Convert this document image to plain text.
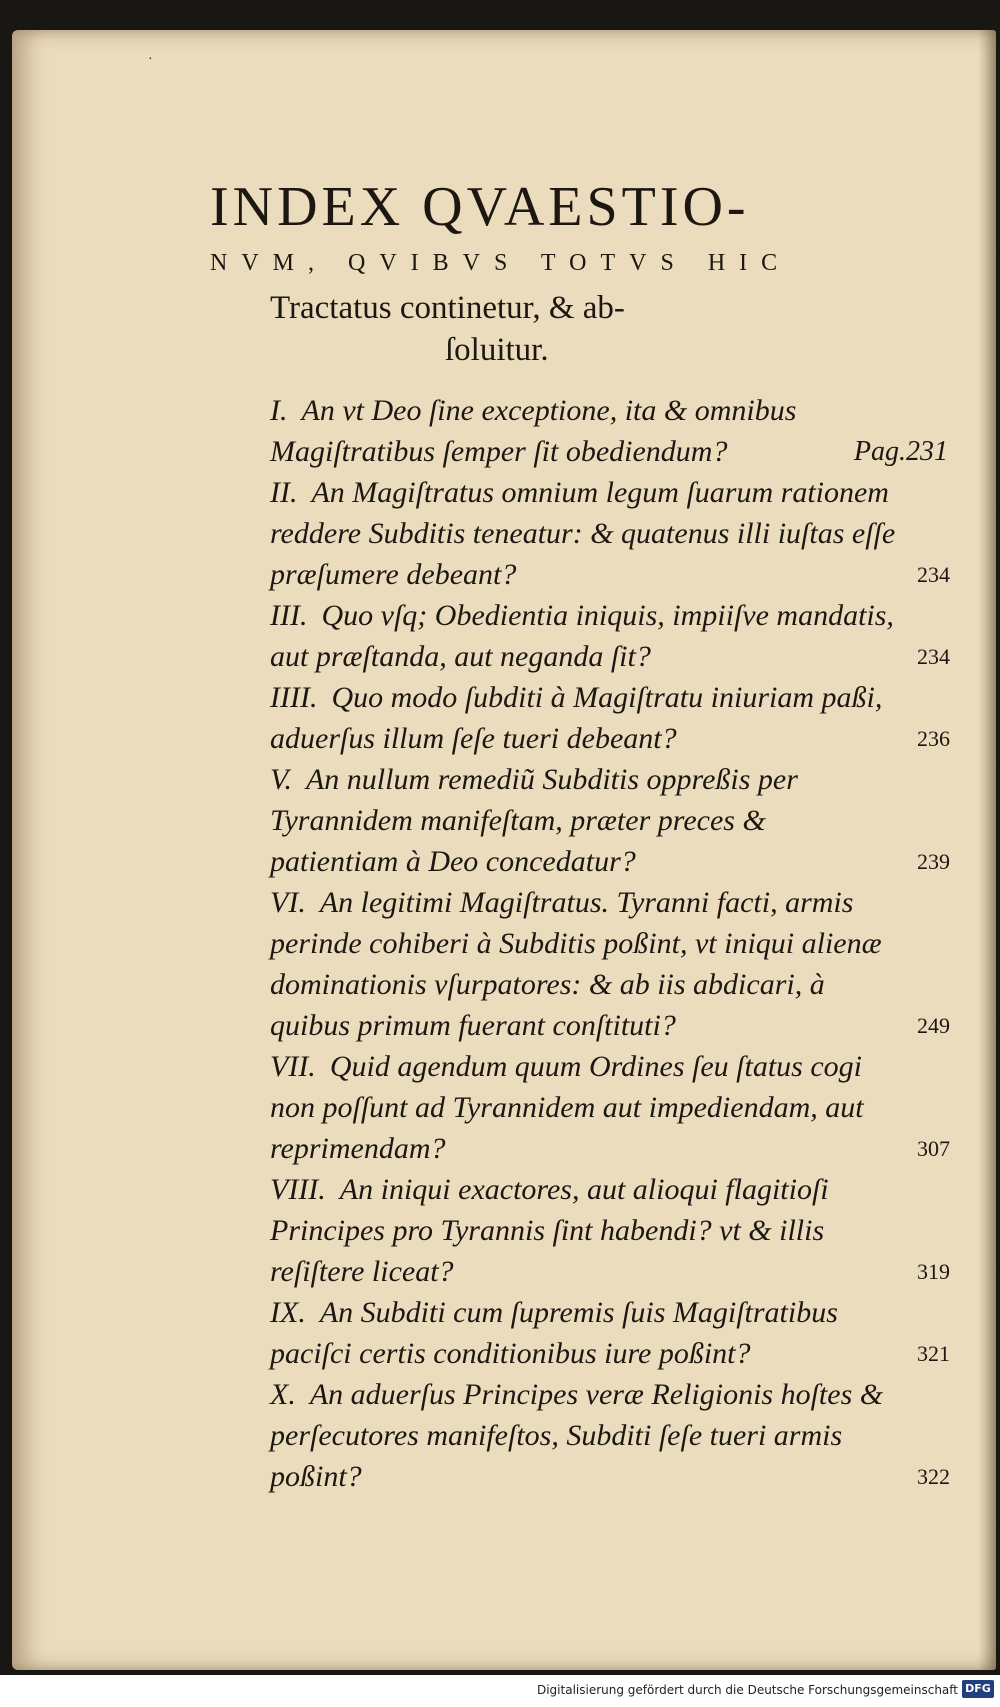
·
INDEX QVAESTIO-
NVM, QVIBVS TOTVS HIC
Tractatus continetur, & ab-
ſoluitur.
I. An vt Deo ſine exceptione, ita & omnibus Magiſtratibus ſemper ſit obediendum?	Pag.231
II. An Magiſtratus omnium legum ſuarum rationem reddere Subditis teneatur: & quatenus illi iuſtas eſſe præſumere debeant?	234
III. Quo vſq; Obedientia iniquis, impiiſve mandatis, aut præſtanda, aut neganda ſit?	234
IIII. Quo modo ſubditi à Magiſtratu iniuriam paßi, aduerſus illum ſeſe tueri debeant?	236
V. An nullum remediũ Subditis oppreßis per Tyrannidem manifeſtam, præter preces & patientiam à Deo concedatur?	239
VI. An legitimi Magiſtratus. Tyranni facti, armis perinde cohiberi à Subditis poßint, vt iniqui alienæ dominationis vſurpatores: & ab iis abdicari, à quibus primum fuerant conſtituti?	249
VII. Quid agendum quum Ordines ſeu ſtatus cogi non poſſunt ad Tyrannidem aut impediendam, aut reprimendam?	307
VIII. An iniqui exactores, aut alioqui flagitioſi Principes pro Tyrannis ſint habendi? vt & illis reſiſtere liceat?	319
IX. An Subditi cum ſupremis ſuis Magiſtratibus paciſci certis conditionibus iure poßint?	321
X. An aduerſus Principes veræ Religionis hoſtes & perſecutores manifeſtos, Subditi ſeſe tueri armis poßint?	322
Digitalisierung gefördert durch die Deutsche Forschungsgemeinschaft DFG
